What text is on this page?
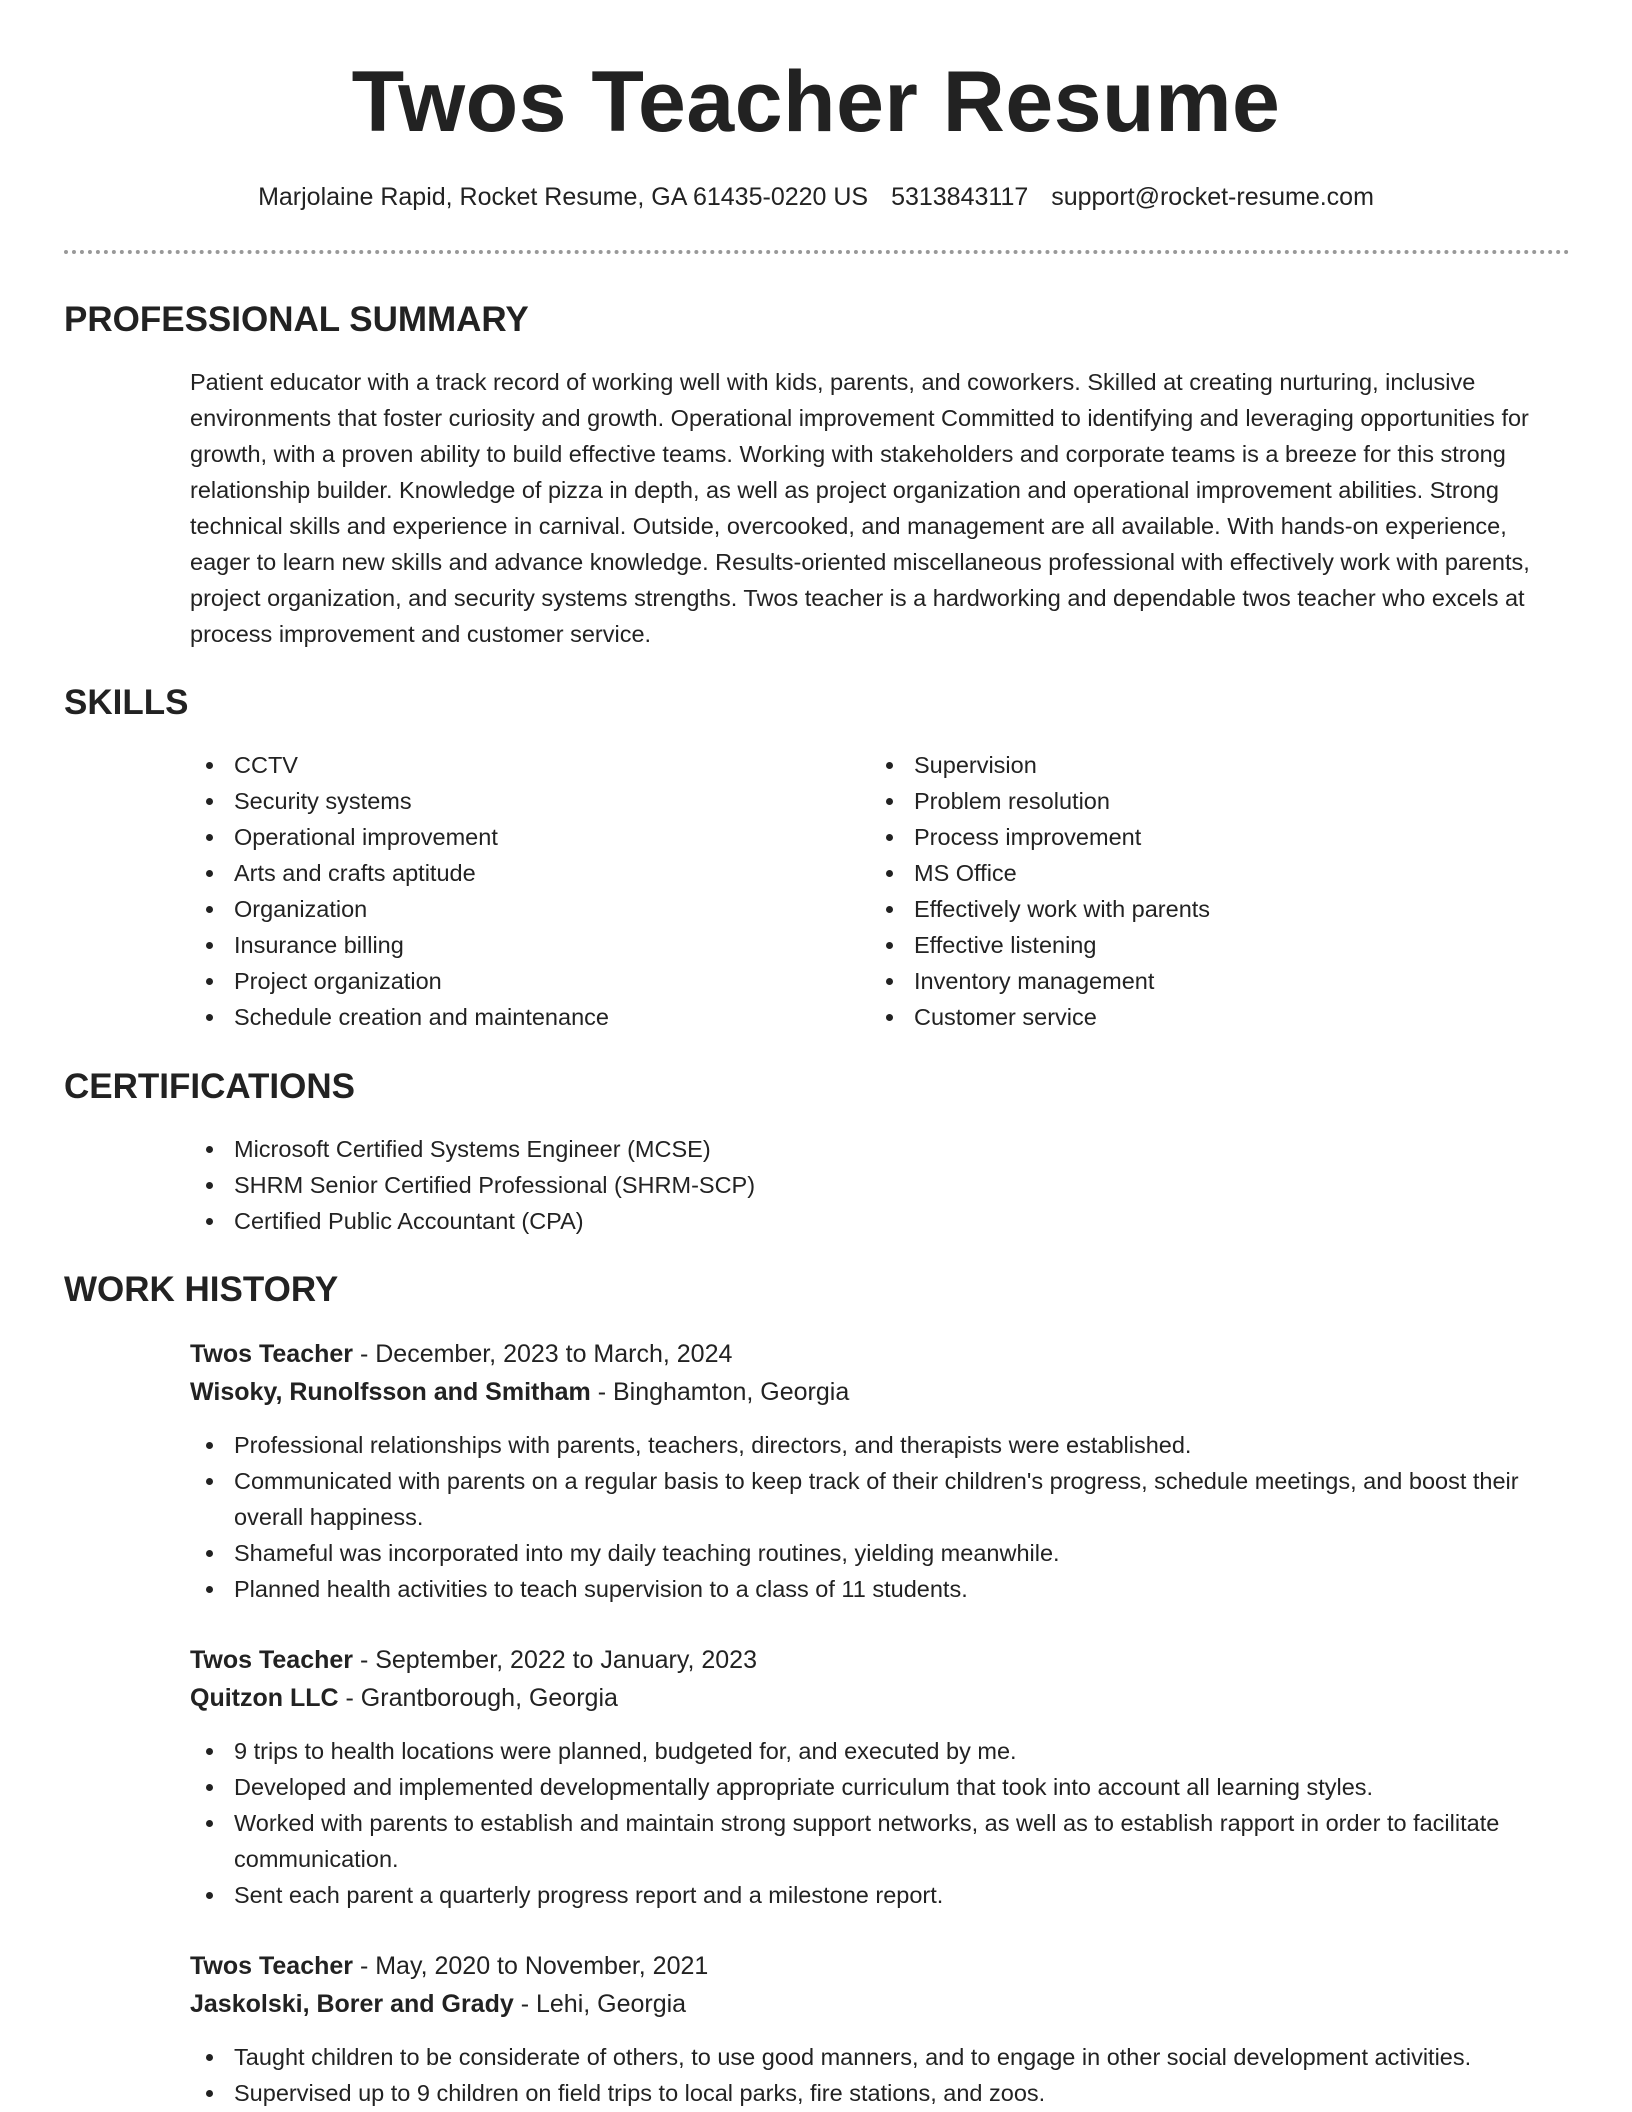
Twos Teacher Resume
Marjolaine Rapid, Rocket Resume, GA 61435-0220 US 5313843117 support@rocket-resume.com
PROFESSIONAL SUMMARY

Patient educator with a track record of working well with kids, parents, and coworkers. Skilled at creating nurturing, inclusive environments that foster curiosity and growth. Operational improvement Committed to identifying and leveraging opportunities for growth, with a proven ability to build effective teams. Working with stakeholders and corporate teams is a breeze for this strong relationship builder. Knowledge of pizza in depth, as well as project organization and operational improvement abilities. Strong technical skills and experience in carnival. Outside, overcooked, and management are all available. With hands-on experience, eager to learn new skills and advance knowledge. Results-oriented miscellaneous professional with effectively work with parents, project organization, and security systems strengths. Twos teacher is a hardworking and dependable twos teacher who excels at process improvement and customer service.

SKILLS
CCTV
Security systems
Operational improvement
Arts and crafts aptitude
Organization
Insurance billing
Project organization
Schedule creation and maintenance
Supervision
Problem resolution
Process improvement
MS Office
Effectively work with parents
Effective listening
Inventory management
Customer service
CERTIFICATIONS
Microsoft Certified Systems Engineer (MCSE)
SHRM Senior Certified Professional (SHRM-SCP)
Certified Public Accountant (CPA)
WORK HISTORY
Twos Teacher - December, 2023 to March, 2024
Wisoky, Runolfsson and Smitham - Binghamton, Georgia
Professional relationships with parents, teachers, directors, and therapists were established.
Communicated with parents on a regular basis to keep track of their children's progress, schedule meetings, and boost their overall happiness.
Shameful was incorporated into my daily teaching routines, yielding meanwhile.
Planned health activities to teach supervision to a class of 11 students.
Twos Teacher - September, 2022 to January, 2023
Quitzon LLC - Grantborough, Georgia
9 trips to health locations were planned, budgeted for, and executed by me.
Developed and implemented developmentally appropriate curriculum that took into account all learning styles.
Worked with parents to establish and maintain strong support networks, as well as to establish rapport in order to facilitate communication.
Sent each parent a quarterly progress report and a milestone report.
Twos Teacher - May, 2020 to November, 2021
Jaskolski, Borer and Grady - Lehi, Georgia
Taught children to be considerate of others, to use good manners, and to engage in other social development activities.
Supervised up to 9 children on field trips to local parks, fire stations, and zoos.
